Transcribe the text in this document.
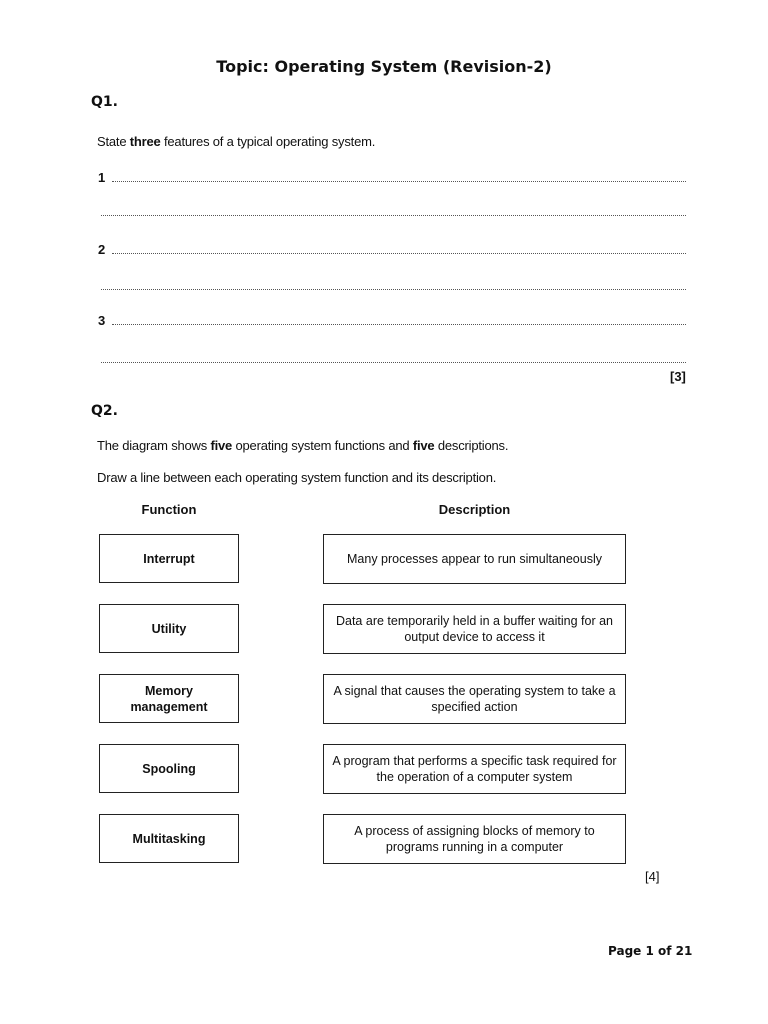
Topic: Operating System (Revision-2)
Q1.
State three features of a typical operating system.
1
2
3
[3]
Q2.
The diagram shows five operating system functions and five descriptions.
Draw a line between each operating system function and its description.
Function	Description
Interrupt
Utility
Memory
management
Spooling
Multitasking
Many processes appear to run simultaneously
Data are temporarily held in a buffer waiting for an output device to access it
A signal that causes the operating system to take a specified action
A program that performs a specific task required for the operation of a computer system
A process of assigning blocks of memory to programs running in a computer
[4]
Page 1 of 21
